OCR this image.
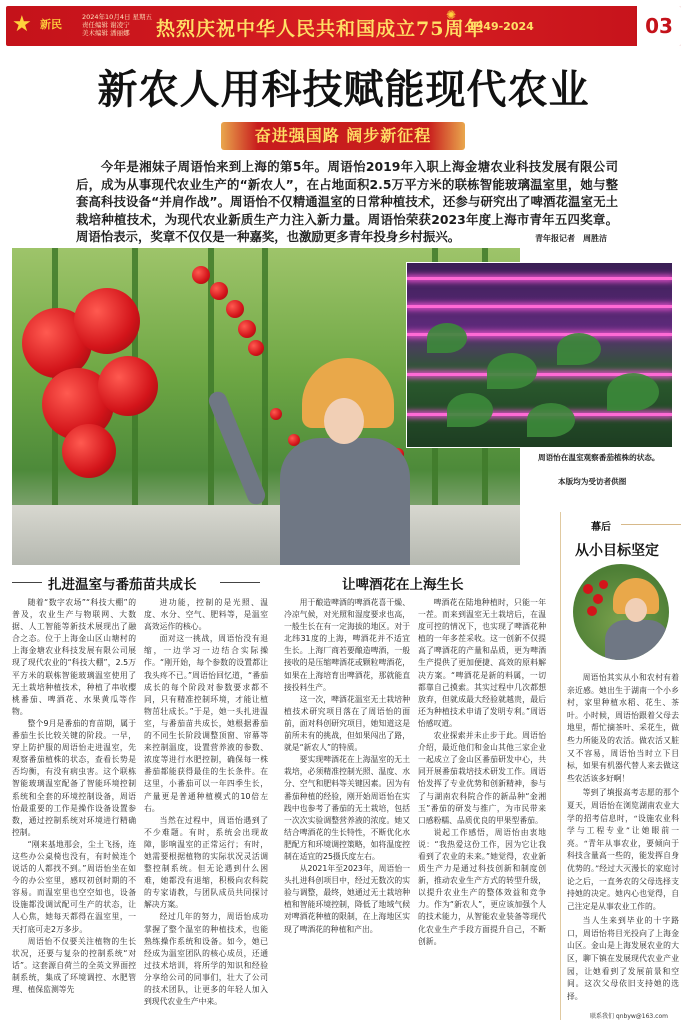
★ 新民
2024年10月4日 星期五
责任编辑 谢凌宁
美术编辑 潘丽娜	热烈庆祝中华人民共和国成立75周年
✺
1949-2024	03
新农人用科技赋能现代农业
奋进强国路 阔步新征程

今年是湘妹子周语怡来到上海的第5年。周语怡2019年入职上海金塘农业科技发展有限公司后，成为从事现代农业生产的“新农人”，在占地面积2.5万平方米的联栋智能玻璃温室里，她与整套高科技设备“并肩作战”。周语怡不仅精通温室的日常种植技术，还参与研究出了啤酒花温室无土栽培种植技术，为现代农业新质生产力注入新力量。周语怡荣获2023年度上海市青年五四奖章。周语怡表示，奖章不仅仅是一种嘉奖，也激励更多青年投身乡村振兴。	青年报记者　周胜洁

周语怡在温室观察番茄植株的状态。

本版均为受访者供图
扎进温室与番茄苗共成长	让啤酒花在上海生长

随着“数字农场”“科技大棚”的普及，农业生产与物联网、大数据、人工智能等新技术展现出了融合之态。位于上海金山区山塘村的上海金塘农业科技发展有限公司展现了现代农业的“科技大棚”，2.5万平方米的联栋智能玻璃温室使用了无土栽培种植技术，种植了串收樱桃番茄、啤酒花、水果黄瓜等作物。

整个9月是番茄的育苗期，属于番茄生长比较关键的阶段。一早，穿上防护服的周语怡走进温室，先观察番茄植株的状态，查看长势是否均衡，有没有病虫害。这个联栋智能玻璃温室配备了智能环境控制系统和全套的环境控制设备，周语怡最重要的工作是操作设备设置参数，通过控制系统对环境进行精确控制。

“刚来基地那会，尘土飞扬，连这些办公桌椅也没有，有时候连个说话的人都找不到。”周语怡坐在如今的办公室里，感叹初创时期的不容易。而温室里也空空如也，设备设施都没调试配可生产的状态，让人心焦，她每天都得在温室里，一天打底可走2万多步。

周语怡不仅要关注植物的生长状况，还要与复杂的控制系统“对话”。这套源自荷兰的全英文界面控制系统，集成了环境调控、水肥管理、植保监测等先

进功能，控制的是光照、温度、水分、空气、肥料等，是温室高效运作的核心。

面对这一挑战，周语怡没有退缩，一边学习一边结合实际操作。“刚开始，每个参数的设置都让我头疼不已。”周语怡回忆道，“番茄成长的每个阶段对参数要求都不同，只有精准控制环境，才能让植物茁壮成长。”于是，她一头扎进温室，与番茄苗共成长，她根据番茄的不同生长阶段调整顶窗、帘幕等来控制温度，设置营养液的参数、浓度等进行水肥控制，确保每一株番茄都能获得最佳的生长条件。在这里，小番茄可以一年四季生长，产量更是普通种植模式的10倍左右。

当然在过程中，周语怡遇到了不少难题。有时，系统会出现故障，影响温室的正常运行；有时，她需要根据植物的实际状况灵活调整控制系统。但无论遇到什么困难，她都没有退缩，积极向农科院的专家请教，与团队成员共同探讨解决方案。

经过几年的努力，周语怡成功掌握了整个温室的种植技术，也能熟练操作系统和设备。如今，她已经成为温室团队的核心成员，还通过技术培训，将所学的知识和经验分享给公司的同事们，壮大了公司的技术团队，让更多的年轻人加入到现代农业生产中来。

用于酿造啤酒的啤酒花喜干燥、冷凉气候，对光照和湿度要求也高，一般生长在有一定海拔的地区。对于北纬31度的上海，啤酒花并不适宜生长。上海厂商若要酿造啤酒，一般接收的是压缩啤酒花或颗粒啤酒花，如果在上海培育出啤酒花，那就能直接投料生产。

这一次，啤酒花温室无土栽培种植技术研究项目落在了周语怡的面前，面对科创研究项目，她知道这是前所未有的挑战，但如果闯出了路，就是“新农人”的特质。

要实现啤酒花在上海温室的无土栽培，必须精准控制光照、温度、水分、空气和肥料等关键因素。因为有番茄种植的经验，刚开始周语怡在实践中也参考了番茄的无土栽培，包括一次次实验调整营养液的浓度。她又结合啤酒花的生长特性，不断优化水肥配方和环境调控策略，如将温度控制在适宜的25摄氏度左右。

从2021年至2023年，周语怡一头扎进科创项目中，经过无数次的实验与调整，最终，她通过无土栽培种植和智能环境控制，降低了地域气候对啤酒花种植的限制，在上海地区实现了啤酒花的种植和产出。

啤酒花在陆地种植时，只能一年一茬。而来到温室无土栽培后，在温度可控的情况下，也实现了啤酒花种植的一年多茬采收。这一创新不仅提高了啤酒花的产量和品质，更为啤酒生产提供了更加便捷、高效的原料解决方案。“啤酒花是新的料属，一切都靠自己摸索。其实过程中几次都想放弃，但就成最大经验就越贵，最后还为种植技术申请了发明专利。”周语怡感叹道。

农业探索并未止步于此。周语怡介绍，最近他们和金山其他三家企业一起成立了金山区番茄研发中心，共同开展番茄栽培技术研发工作。周语怡发挥了专业优势和创新精神，参与了与湖南农科院合作的新品种“金湘玉”番茄的研发与推广，为市民带来口感粉糯、品质优良的甲果型番茄。

说起工作感悟，周语怡由衷地说：“我热爱这份工作，因为它让我看到了农业的未来。”她觉得，农业新质生产力是通过科技创新和制度创新，推动农业生产方式的转型升级，以提升农业生产的整体效益和竞争力。作为“新农人”，更应该加强个人的技术能力，从智能农业装备等现代化农业生产手段方面提升自己，不断创新。

幕后
从小目标坚定

周语怡其实从小和农村有着亲近感。她出生于湖南一个小乡村，家里种植水稻、花生、茶叶。小时候，周语怡跟着父母去地里，帮忙摘茶叶、采花生，做些力所能及的农活。做农活又脏又不容易，周语怡当时立下目标，如果有机器代替人来去做这些农活该多好啊！

等到了填报高考志愿的那个夏天，周语怡在浏览湖南农业大学的招考信息时，“设施农业科学与工程专业”让她眼前一亮。“青年从事农业，要倾向于科技含量高一些的，能发挥自身优势的。”经过大灭漫长的家庭讨论之后，一直务农的父母选择支持她的决定。她内心也觉得，自己注定是从事农业工作的。

当人生来到毕业的十字路口，周语怡将目光投向了上海金山区。金山是上海发展农业的大区，聊下镇在发展现代农业产业园，让她看到了发展前景和空间。这次父母依旧支持她的选择。

联系我们 qnbyw@163.com
